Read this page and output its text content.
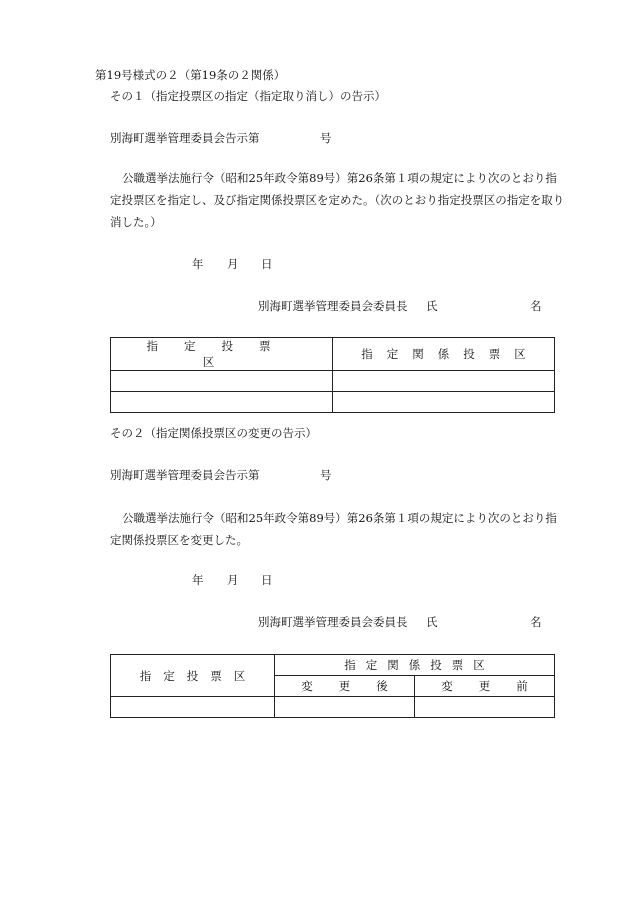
第19号様式の２（第19条の２関係）
その１（指定投票区の指定（指定取り消し）の告示）
別海町選挙管理委員会告示第	号
公職選挙法施行令（昭和25年政令第89号）第26条第１項の規定により次のとおり指定投票区を指定し、及び指定関係投票区を定めた。（次のとおり指定投票区の指定を取り消した。）
年 月 日
別海町選挙管理委員会委員長 氏	名
指定投票区	指定関係投票区

その２（指定関係投票区の変更の告示）
別海町選挙管理委員会告示第	号
公職選挙法施行令（昭和25年政令第89号）第26条第１項の規定により次のとおり指定関係投票区を変更した。
年 月 日
別海町選挙管理委員会委員長 氏	名
指定投票区	指定関係投票区	

	変更後	変更前
